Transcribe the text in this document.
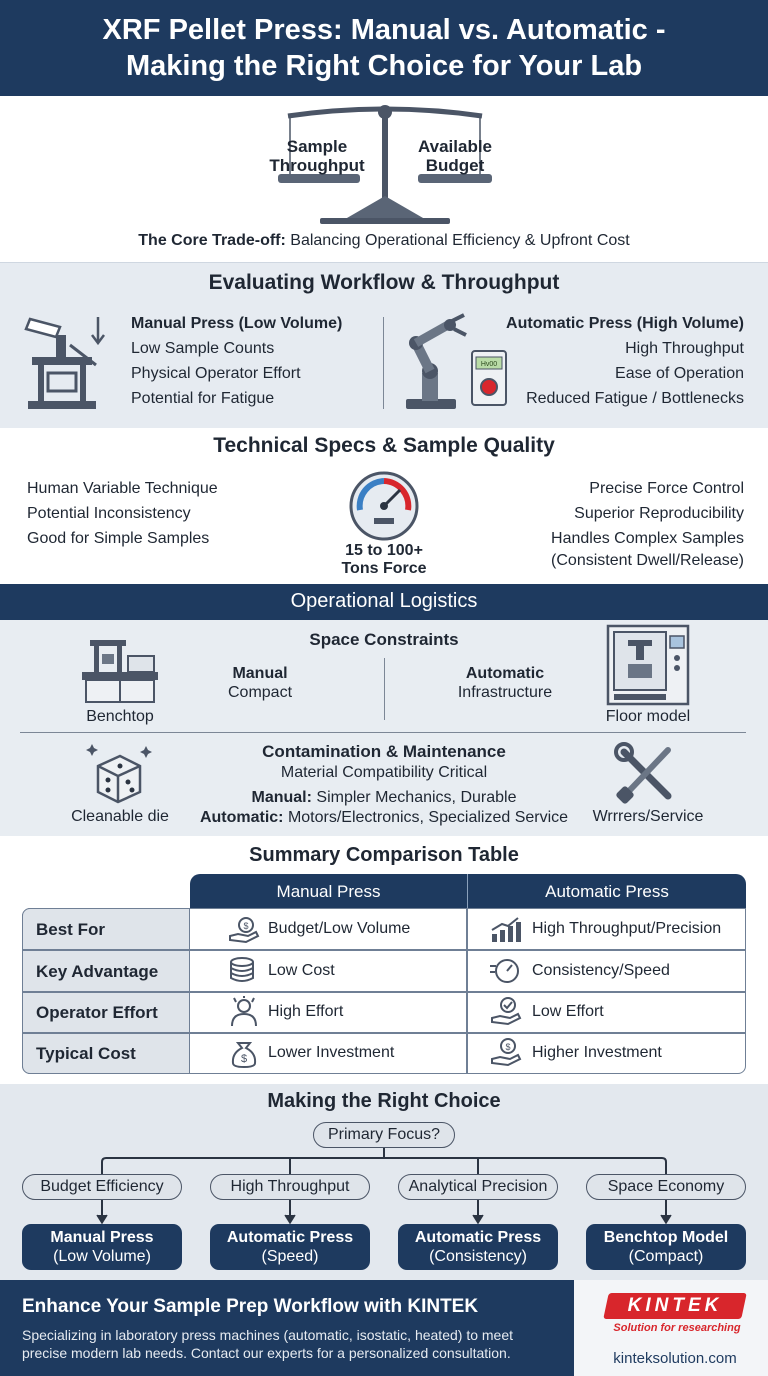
XRF Pellet Press: Manual vs. Automatic -
Making the Right Choice for Your Lab
Sample
Throughput
Available
Budget
The Core Trade-off: Balancing Operational Efficiency & Upfront Cost
Evaluating Workflow & Throughput
Manual Press (Low Volume)
Low Sample Counts
Physical Operator Effort
Potential for Fatigue
Hv00
Automatic Press (High Volume)
High Throughput
Ease of Operation
Reduced Fatigue / Bottlenecks
Technical Specs & Sample Quality
Human Variable Technique
Potential Inconsistency
Good for Simple Samples
15 to 100+
Tons Force
Precise Force Control
Superior Reproducibility
Handles Complex Samples
(Consistent Dwell/Release)
Operational Logistics
Space Constraints
Benchtop
Manual
Compact
Automatic
Infrastructure
Floor model
Cleanable die
Contamination & Maintenance
Material Compatibility Critical
Manual: Simpler Mechanics, Durable
Automatic: Motors/Electronics, Specialized Service	Wrrrers/Service
Summary Comparison Table
Manual Press	Automatic Press
Best For	$ Budget/Low Volume	High Throughput/Precision
Key Advantage	Low Cost	Consistency/Speed
Operator Effort	High Effort	Low Effort
Typical Cost	$ Lower Investment	$ Higher Investment
Making the Right Choice
Primary Focus?
Budget Efficiency	High Throughput	Analytical Precision	Space Economy
Manual Press
(Low Volume)
Automatic Press
(Speed)
Automatic Press
(Consistency)
Benchtop Model
(Compact)
Enhance Your Sample Prep Workflow with KINTEK
Specializing in laboratory press machines (automatic, isostatic, heated) to meet
precise modern lab needs. Contact our experts for a personalized consultation.
KINTEK
Solution for researching
kinteksolution.com
